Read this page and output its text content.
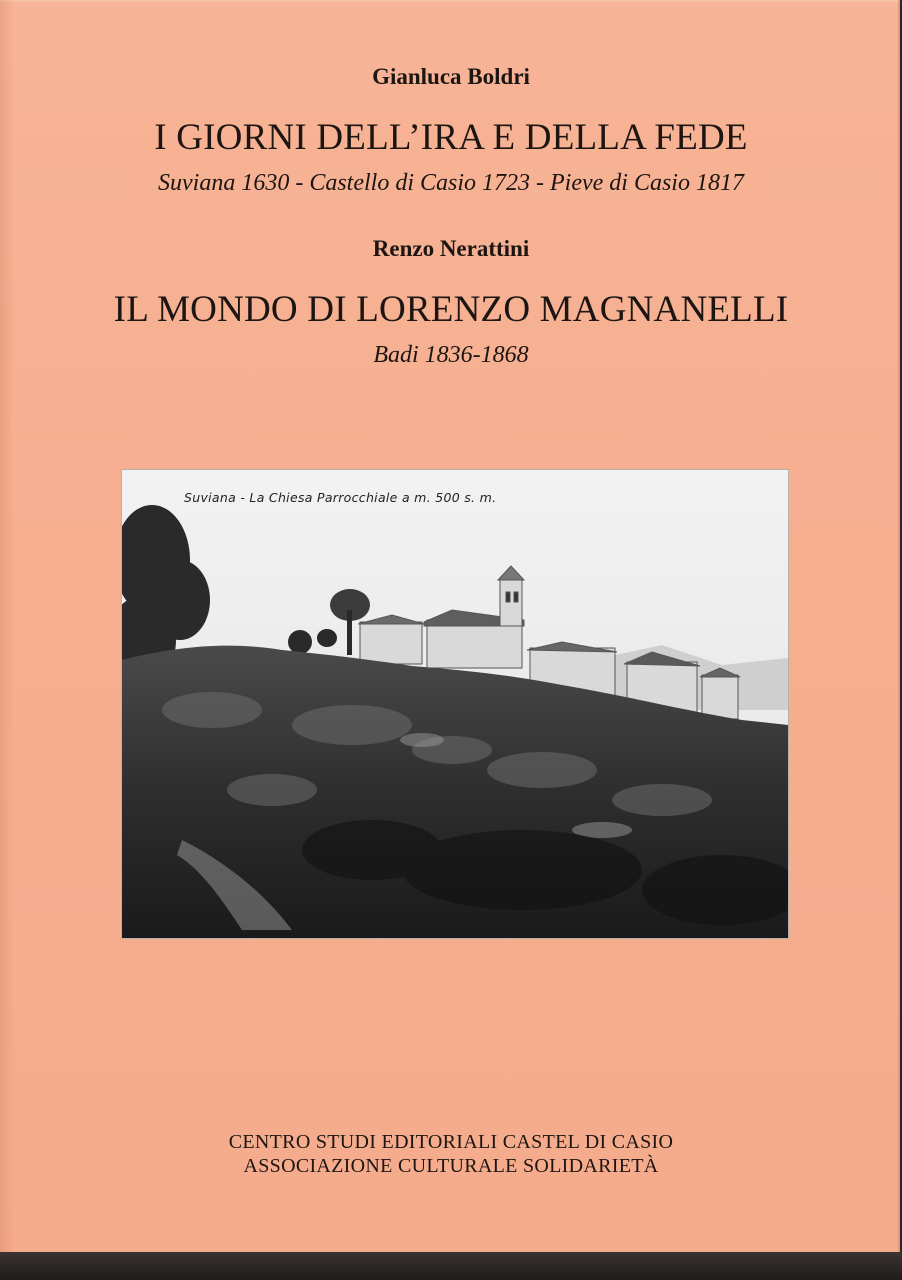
Gianluca Boldri
I GIORNI DELL’IRA E DELLA FEDE
Suviana 1630 - Castello di Casio 1723 - Pieve di Casio 1817
Renzo Nerattini
IL MONDO DI LORENZO MAGNANELLI
Badi 1836-1868
Suviana - La Chiesa Parrocchiale a m. 500 s. m.
CENTRO STUDI EDITORIALI CASTEL DI CASIO
ASSOCIAZIONE CULTURALE SOLIDARIETÀ
